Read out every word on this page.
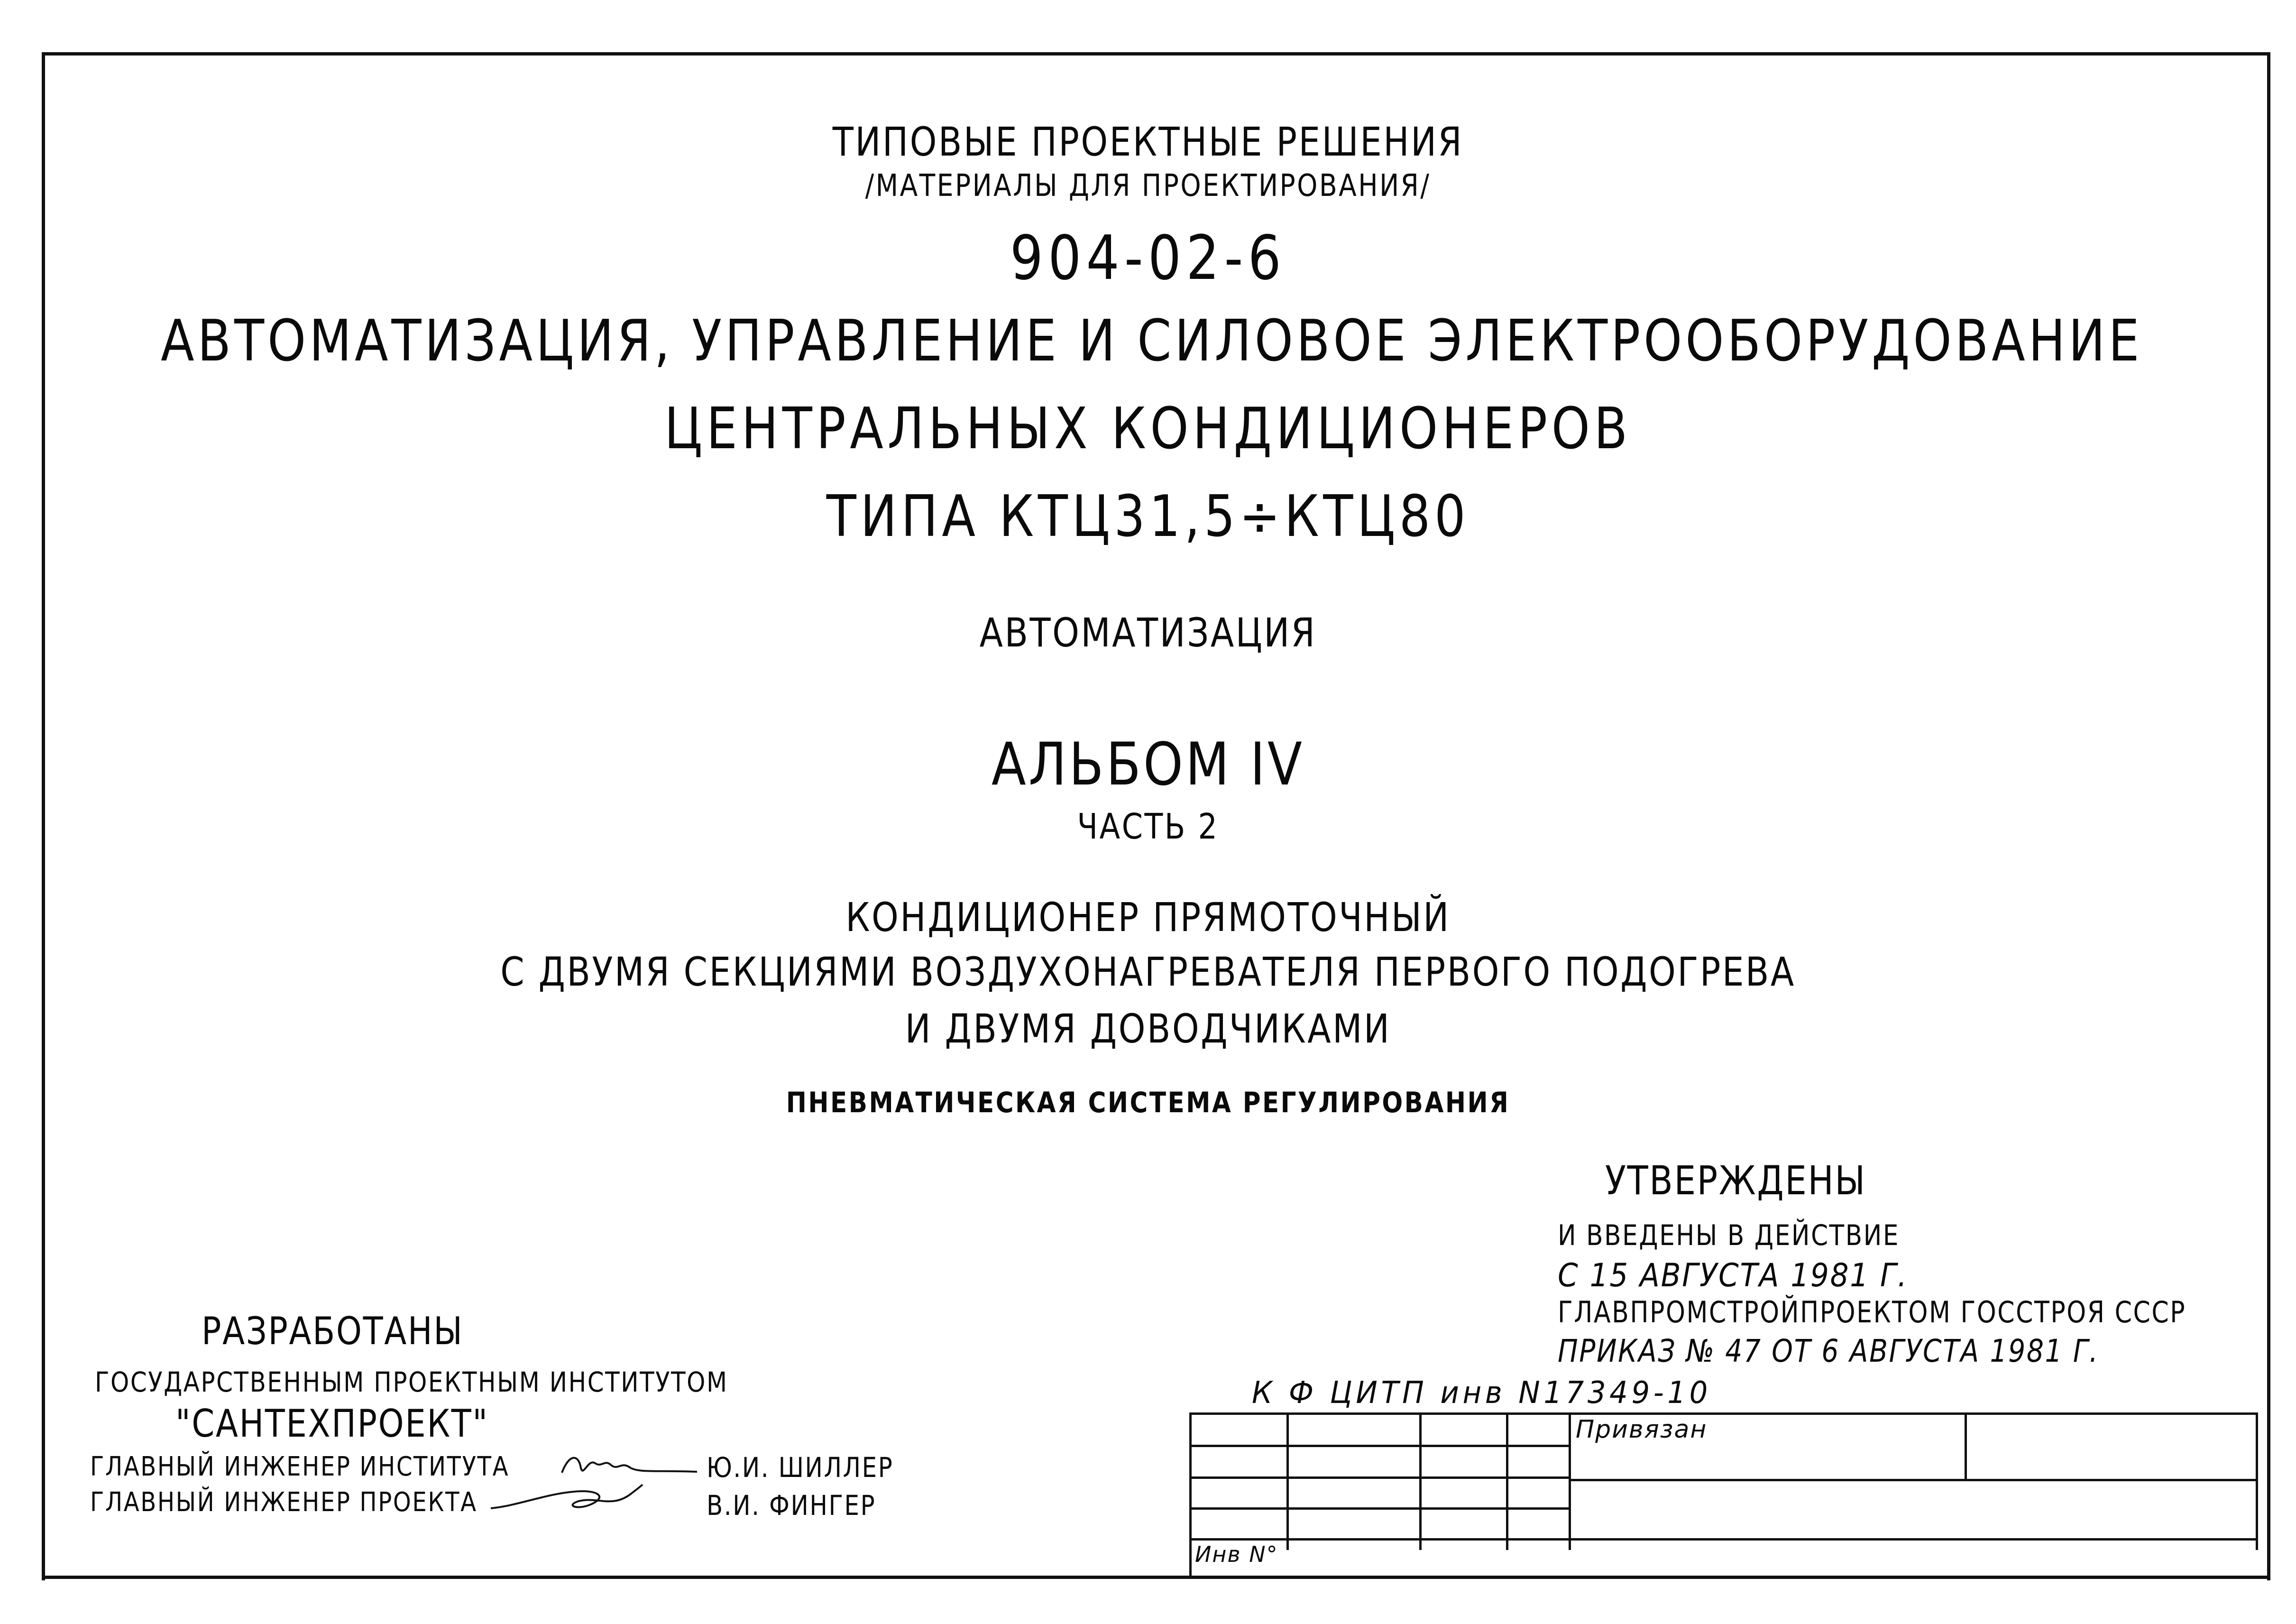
ТИПОВЫЕ ПРОЕКТНЫЕ РЕШЕНИЯ
/МАТЕРИАЛЫ ДЛЯ ПРОЕКТИРОВАНИЯ/
904-02-6
АВТОМАТИЗАЦИЯ, УПРАВЛЕНИЕ И СИЛОВОЕ ЭЛЕКТРООБОРУДОВАНИЕ
ЦЕНТРАЛЬНЫХ КОНДИЦИОНЕРОВ
ТИПА КТЦ31,5÷КТЦ80
АВТОМАТИЗАЦИЯ
АЛЬБОМ IV
ЧАСТЬ 2
КОНДИЦИОНЕР ПРЯМОТОЧНЫЙ
С ДВУМЯ СЕКЦИЯМИ ВОЗДУХОНАГРЕВАТЕЛЯ ПЕРВОГО ПОДОГРЕВА
И ДВУМЯ ДОВОДЧИКАМИ
ПНЕВМАТИЧЕСКАЯ СИСТЕМА РЕГУЛИРОВАНИЯ
УТВЕРЖДЕНЫ
И ВВЕДЕНЫ В ДЕЙСТВИЕ
С 15 АВГУСТА 1981 Г.
ГЛАВПРОМСТРОЙПРОЕКТОМ ГОССТРОЯ СССР
ПРИКАЗ № 47 ОТ 6 АВГУСТА 1981 Г.
РАЗРАБОТАНЫ
ГОСУДАРСТВЕННЫМ ПРОЕКТНЫМ ИНСТИТУТОМ
"САНТЕХПРОЕКТ"
ГЛАВНЫЙ ИНЖЕНЕР ИНСТИТУТА	Ю.И. ШИЛЛЕР
ГЛАВНЫЙ ИНЖЕНЕР ПРОЕКТА	В.И. ФИНГЕР
К Ф ЦИТП инв N17349-10
Привязан
Инв N°
